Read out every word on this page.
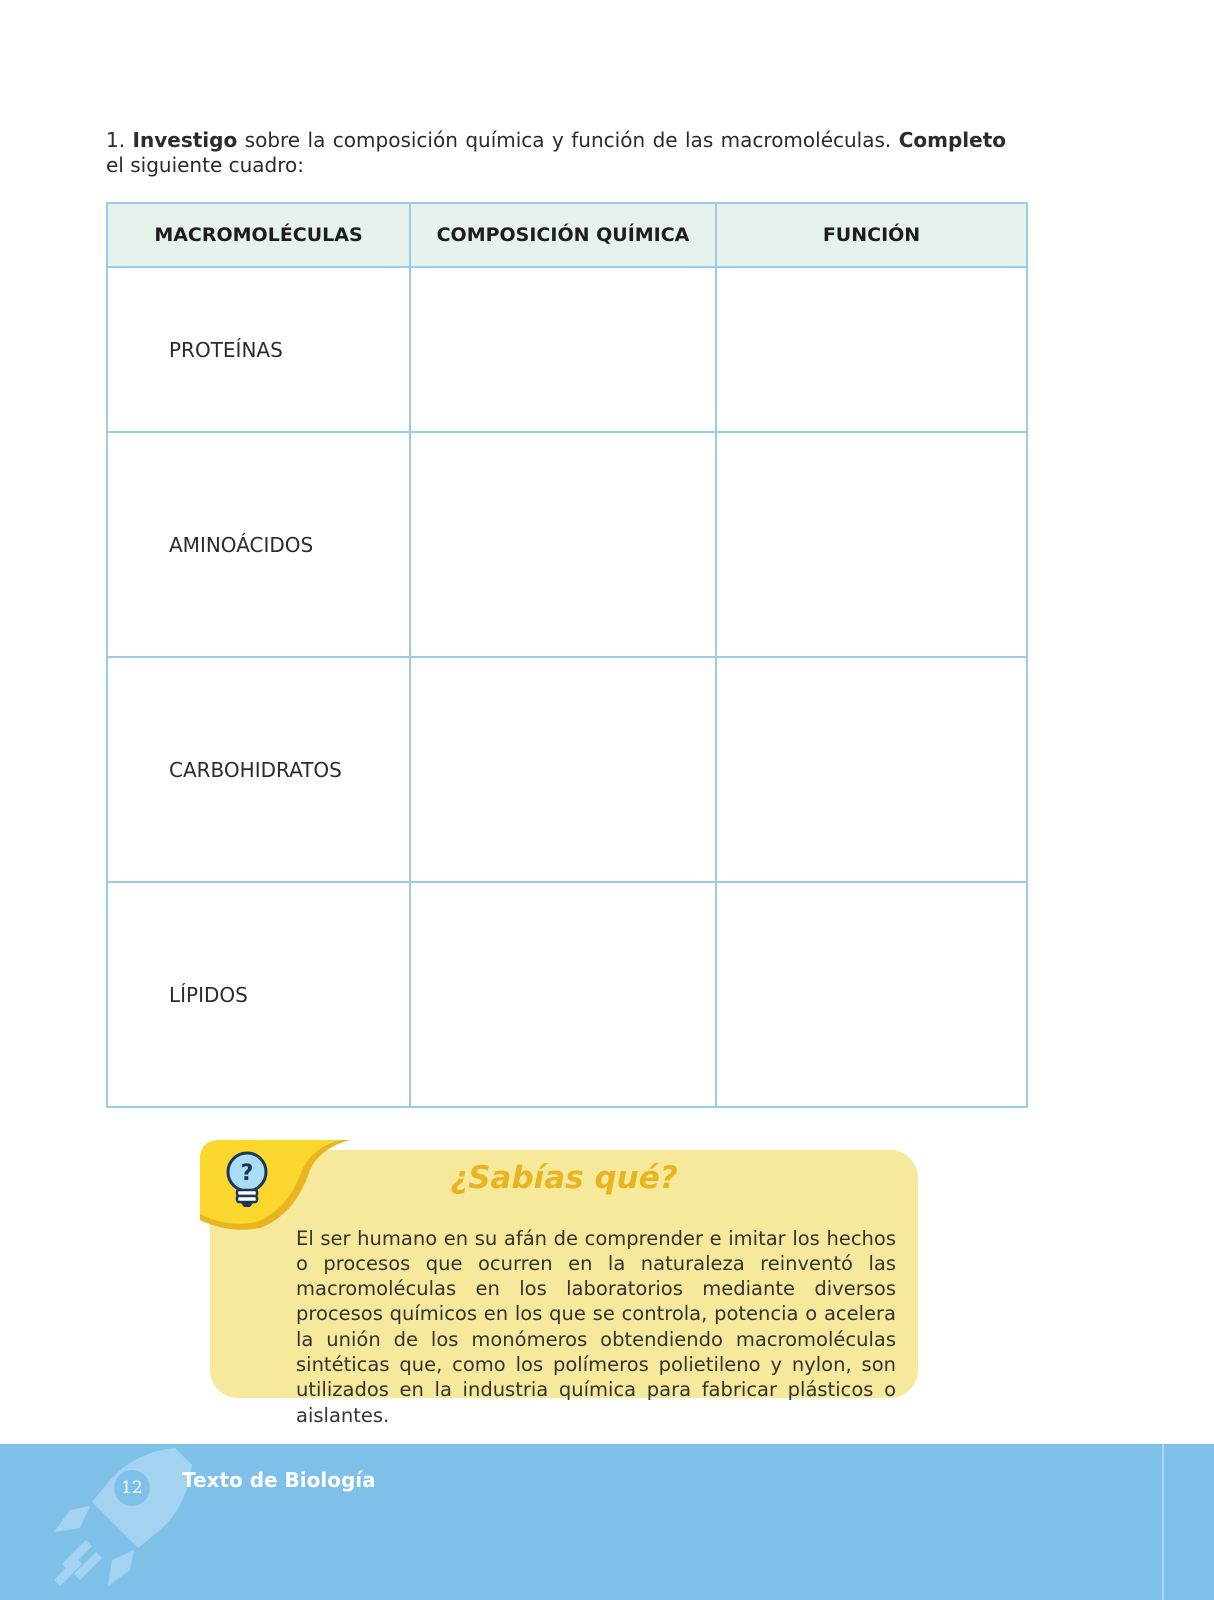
1. Investigo sobre la composición química y función de las macromoléculas. Completo el siguiente cuadro:

MACROMOLÉCULAS	COMPOSICIÓN QUÍMICA	FUNCIÓN
PROTEÍNAS		
AMINOÁCIDOS		
CARBOHIDRATOS		
LÍPIDOS		
?	¿Sabías qué?

El ser humano en su afán de comprender e imitar los hechos o procesos que ocurren en la naturaleza reinventó las macromoléculas en los laboratorios mediante diversos procesos químicos en los que se controla, potencia o acelera la unión de los monómeros obtendiendo macromoléculas sintéticas que, como los polímeros polietileno y nylon, son utilizados en la industria química para fabricar plásticos o aislantes.

12	Texto de Biología
